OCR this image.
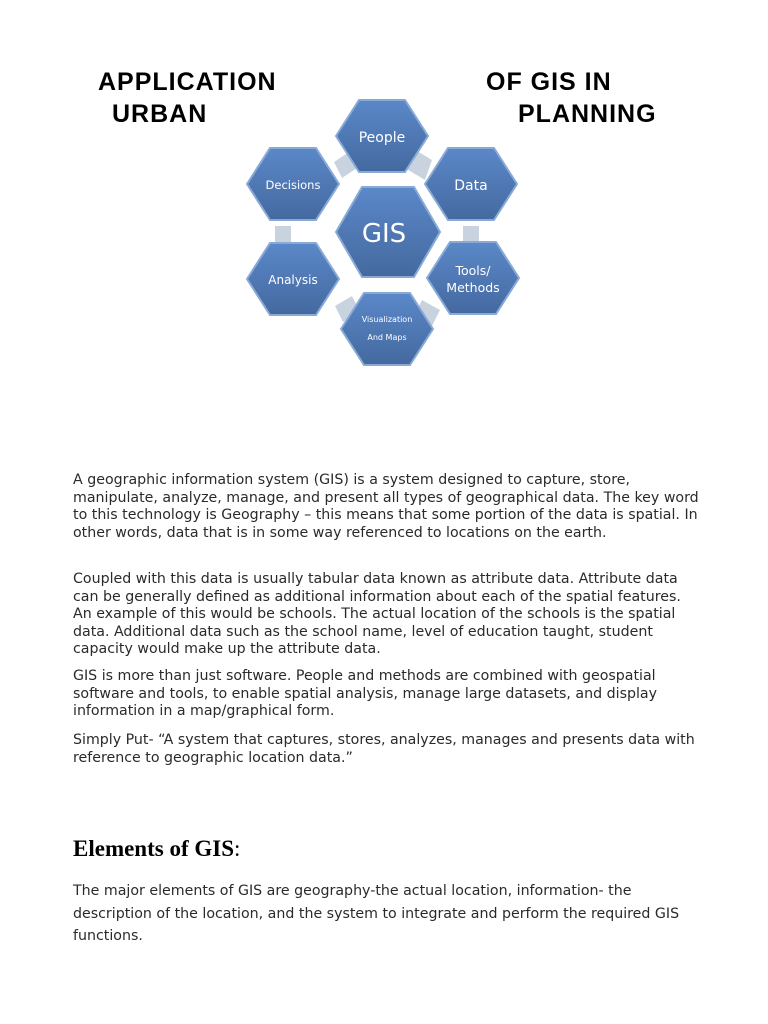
APPLICATION	OF GIS IN
URBAN	PLANNING
GIS
People
Data
Tools/
Methods
Visualization
And Maps
Analysis
Decisions

A geographic information system (GIS) is a system designed to capture, store, manipulate, analyze, manage, and present all types of geographical data. The key word to this technology is Geography – this means that some portion of the data is spatial. In other words, data that is in some way referenced to locations on the earth.

Coupled with this data is usually tabular data known as attribute data. Attribute data can be generally defined as additional information about each of the spatial features. An example of this would be schools. The actual location of the schools is the spatial data. Additional data such as the school name, level of education taught, student capacity would make up the attribute data.

GIS is more than just software. People and methods are combined with geospatial software and tools, to enable spatial analysis, manage large datasets, and display information in a map/graphical form.

Simply Put- “A system that captures, stores, analyzes, manages and presents data with reference to geographic location data.”

Elements of GIS:

The major elements of GIS are geography-the actual location, information- the description of the location, and the system to integrate and perform the required GIS functions.
